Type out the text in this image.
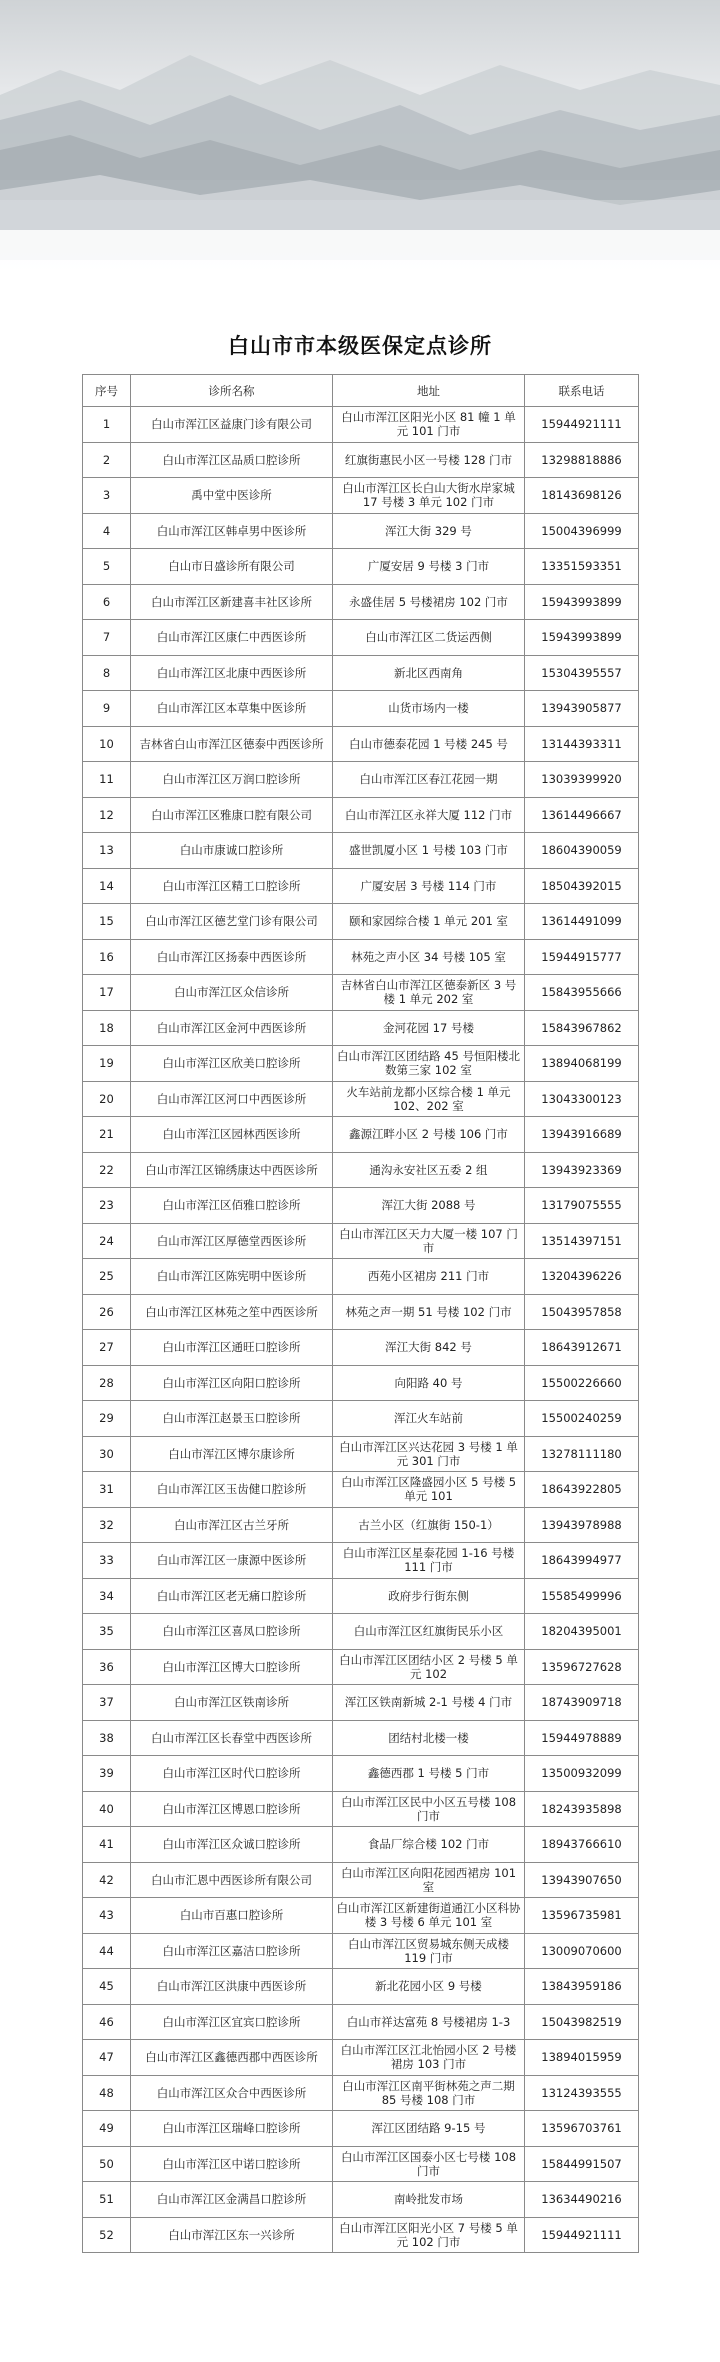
白山市市本级医保定点诊所
序号	诊所名称	地址	联系电话
1	白山市浑江区益康门诊有限公司	白山市浑江区阳光小区 81 幢 1 单元 101 门市	15944921111
2	白山市浑江区品质口腔诊所	红旗街惠民小区一号楼 128 门市	13298818886
3	禹中堂中医诊所	白山市浑江区长白山大街水岸家城 17 号楼 3 单元 102 门市	18143698126
4	白山市浑江区韩卓男中医诊所	浑江大街 329 号	15004396999
5	白山市日盛诊所有限公司	广厦安居 9 号楼 3 门市	13351593351
6	白山市浑江区新建喜丰社区诊所	永盛佳居 5 号楼裙房 102 门市	15943993899
7	白山市浑江区康仁中西医诊所	白山市浑江区二货运西侧	15943993899
8	白山市浑江区北康中西医诊所	新北区西南角	15304395557
9	白山市浑江区本草集中医诊所	山货市场内一楼	13943905877
10	吉林省白山市浑江区德泰中西医诊所	白山市德泰花园 1 号楼 245 号	13144393311
11	白山市浑江区万润口腔诊所	白山市浑江区春江花园一期	13039399920
12	白山市浑江区雅康口腔有限公司	白山市浑江区永祥大厦 112 门市	13614496667
13	白山市康诚口腔诊所	盛世凯厦小区 1 号楼 103 门市	18604390059
14	白山市浑江区精工口腔诊所	广厦安居 3 号楼 114 门市	18504392015
15	白山市浑江区德艺堂门诊有限公司	颐和家园综合楼 1 单元 201 室	13614491099
16	白山市浑江区扬泰中西医诊所	林苑之声小区 34 号楼 105 室	15944915777
17	白山市浑江区众信诊所	吉林省白山市浑江区德泰新区 3 号楼 1 单元 202 室	15843955666
18	白山市浑江区金河中西医诊所	金河花园 17 号楼	15843967862
19	白山市浑江区欣美口腔诊所	白山市浑江区团结路 45 号恒阳楼北数第三家 102 室	13894068199
20	白山市浑江区河口中西医诊所	火车站前龙都小区综合楼 1 单元 102、202 室	13043300123
21	白山市浑江区园林西医诊所	鑫源江畔小区 2 号楼 106 门市	13943916689
22	白山市浑江区锦绣康达中西医诊所	通沟永安社区五委 2 组	13943923369
23	白山市浑江区佰雅口腔诊所	浑江大街 2088 号	13179075555
24	白山市浑江区厚德堂西医诊所	白山市浑江区天力大厦一楼 107 门市	13514397151
25	白山市浑江区陈宪明中医诊所	西苑小区裙房 211 门市	13204396226
26	白山市浑江区林苑之笙中西医诊所	林苑之声一期 51 号楼 102 门市	15043957858
27	白山市浑江区通旺口腔诊所	浑江大街 842 号	18643912671
28	白山市浑江区向阳口腔诊所	向阳路 40 号	15500226660
29	白山市浑江赵景玉口腔诊所	浑江火车站前	15500240259
30	白山市浑江区博尔康诊所	白山市浑江区兴达花园 3 号楼 1 单元 301 门市	13278111180
31	白山市浑江区玉齿健口腔诊所	白山市浑江区隆盛园小区 5 号楼 5 单元 101	18643922805
32	白山市浑江区古兰牙所	古兰小区（红旗街 150-1）	13943978988
33	白山市浑江区一康源中医诊所	白山市浑江区星泰花园 1-16 号楼 111 门市	18643994977
34	白山市浑江区老无痛口腔诊所	政府步行街东侧	15585499996
35	白山市浑江区喜凤口腔诊所	白山市浑江区红旗街民乐小区	18204395001
36	白山市浑江区博大口腔诊所	白山市浑江区团结小区 2 号楼 5 单元 102	13596727628
37	白山市浑江区铁南诊所	浑江区铁南新城 2-1 号楼 4 门市	18743909718
38	白山市浑江区长春堂中西医诊所	团结村北楼一楼	15944978889
39	白山市浑江区时代口腔诊所	鑫德西郡 1 号楼 5 门市	13500932099
40	白山市浑江区博恩口腔诊所	白山市浑江区民中小区五号楼 108 门市	18243935898
41	白山市浑江区众诚口腔诊所	食品厂综合楼 102 门市	18943766610
42	白山市汇恩中西医诊所有限公司	白山市浑江区向阳花园西裙房 101 室	13943907650
43	白山市百惠口腔诊所	白山市浑江区新建街道通江小区科协楼 3 号楼 6 单元 101 室	13596735981
44	白山市浑江区嘉洁口腔诊所	白山市浑江区贸易城东侧天成楼 119 门市	13009070600
45	白山市浑江区洪康中西医诊所	新北花园小区 9 号楼	13843959186
46	白山市浑江区宜宾口腔诊所	白山市祥达富苑 8 号楼裙房 1-3	15043982519
47	白山市浑江区鑫德西郡中西医诊所	白山市浑江区江北怡园小区 2 号楼裙房 103 门市	13894015959
48	白山市浑江区众合中西医诊所	白山市浑江区南平街林苑之声二期 85 号楼 108 门市	13124393555
49	白山市浑江区瑞峰口腔诊所	浑江区团结路 9-15 号	13596703761
50	白山市浑江区中诺口腔诊所	白山市浑江区国泰小区七号楼 108 门市	15844991507
51	白山市浑江区金满昌口腔诊所	南岭批发市场	13634490216
52	白山市浑江区东一兴诊所	白山市浑江区阳光小区 7 号楼 5 单元 102 门市	15944921111
